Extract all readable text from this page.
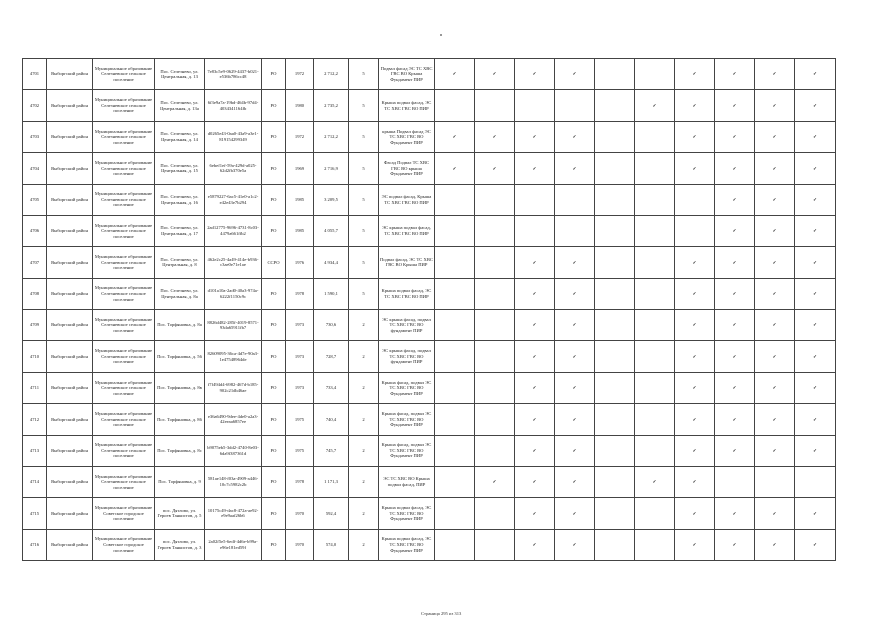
4701	Выборгский район	Муниципальное образование Селезневское сельское поселение	Пос. Селезнево, ул. Центральная, д. 13	7e83c5e9-0629-4437-b021-e536b786cc48	РО	1972	2 712,2	5	Подвал фасад ЭС ТС ХВС ГВС ВО Крыша Фундамент ПИР	✓	✓	✓	✓			✓	✓	✓	✓
4702	Выборгский район	Муниципальное образование Селезневское сельское поселение	Пос. Селезнево, ул. Центральная, д. 13а	6f3e9a7a-19bd-464b-97d4-4034341164fb	РО	1980	2 735,2	5	Крыша подвал фасад, ЭС ТС ХВС ГВС ВО ПИР						✓	✓	✓	✓	✓
4703	Выборгский район	Муниципальное образование Селезневское сельское поселение	Пос. Селезнево, ул. Центральная, д. 14	d0265e43-0aa0-43a9-a3e1-819154299349	РО	1972	2 712,2	5	крыша Подвал фасад ЭС ТС ХВС ГВС ВО Фундамент ПИР	✓	✓	✓	✓			✓	✓	✓	✓
4704	Выборгский район	Муниципальное образование Селезневское сельское поселение	Пос. Селезнево, ул. Центральная, д. 15	6ebef1ef-59a-429d-a025-62d2fb370e5a	РО	1969	2 716,9	5	Фасад Подвал ТС ХВС ГВС ВО крыша Фундамент ПИР	✓	✓	✓	✓			✓	✓	✓	✓
4705	Выборгский район	Муниципальное образование Селезневское сельское поселение	Пос. Селезнево, ул. Центральная, д. 16	e5879227-6ac5-41e0-a1c2-e42e43e7b294	РО	1985	3 209,5	5	ЭС подвал фасад, Крыша ТС ХВС ГВС ВО ПИР								✓	✓	✓
4706	Выборгский район	Муниципальное образование Селезневское сельское поселение	Пос. Селезнево, ул. Центральная, д. 17	2ad12775-9696-4731-8c03-4479a661ffb2	РО	1985	4 055,7	5	ЭС крыша подвал фасад, ТС ХВС ГВС ВО ПИР								✓	✓	✓
4707	Выборгский район	Муниципальное образование Селезневское сельское поселение	Пос. Селезнево, ул. Центральная, д. 8	462e2c25-4a49-414e-b936-c3ae0e71e1ae	ССРО	1976	4 934,4	5	Подвал фасад, ЭС ТС ХВС ГВС ВО Крыша ПИР			✓	✓			✓	✓	✓	✓
4708	Выборгский район	Муниципальное образование Селезневское сельское поселение	Пос. Селезнево, ул. Центральная, д. 8а	d101a10a-2ad0-40a3-974a-6222f1150c9c	РО	1978	1 590,1	5	Крыша подвал фасад, ЭС ТС ХВС ГВС ВО ПИР			✓	✓			✓	✓	✓	✓
4709	Выборгский район	Муниципальное образование Селезневское сельское поселение	Пос. Торфяновка, д. 8а	8826d482-285f-4019-8571-93da65911fb7	РО	1973	730,6	2	ЭС крыша фасад, подвал ТС ХВС ГВС ВО фундамент ПИР			✓	✓			✓	✓	✓	✓
4710	Выборгский район	Муниципальное образование Селезневское сельское поселение	Пос. Торфяновка, д. 56	82609095-36ca-4d7e-90a3-1e47548964de	РО	1973	728,7	2	ЭС крыша фасад, подвал ТС ХВС ГВС ВО фундамент ПИР			✓	✓			✓	✓	✓	✓
4711	Выборгский район	Муниципальное образование Селезневское сельское поселение	Пос. Торфяновка, д. 8в	f7f494d4-6982-467d-b185-902c21db46ae	РО	1973	733,4	2	Крыша фасад, подвал ЭС ТС ХВС ГВС ВО Фундамент ПИР			✓	✓			✓	✓	✓	✓
4712	Выборгский район	Муниципальное образование Селезневское сельское поселение	Пос. Торфяновка, д. 86	e36a6490-9dee-4de0-a2a3-42eeaa6857ee	РО	1975	740,4	2	Крыша фасад, подвал ЭС ТС ХВС ГВС ВО Фундамент ПИР			✓	✓			✓	✓	✓	✓
4713	Выборгский район	Муниципальное образование Селезневское сельское поселение	Пос. Торфяновка, д. 8с	b9075eb5-3dd2-4740-8e03-6da9f387361d	РО	1975	745,7	2	Крыша фасад, подвал ЭС ТС ХВС ГВС ВО Фундамент ПИР			✓	✓			✓	✓	✓	✓
4714	Выборгский район	Муниципальное образование Селезневское сельское поселение	Пос. Торфяновка, д. 9	581ae148-f03a-4909-a446-10c7c5982c2b	РО	1978	1 171,3	2	ЭС ТС ХВС ВО Крыша подвал фасад, ПИР		✓	✓	✓		✓	✓			
4715	Выборгский район	Муниципальное образование Советское городское поселение	пос. Дятлово, ул. Героев Танкистов, д. 5	10175c49-dac8-472a-ae92-e9e9aaf26b6	РО	1970	592,4	2	Крыша подвал фасад, ЭС ТС ХВС ГВС ВО Фундамент ПИР			✓	✓			✓	✓	✓	✓
4716	Выборгский район	Муниципальное образование Советское городское поселение	пос. Дятлово, ул. Героев Танкистов, д. 3	2a02f5e5-6edf-4d6e-b99a-e96e181ed59f	РО	1970	574,0	2	Крыша подвал фасад, ЭС ТС ХВС ГВС ВО Фундамент ПИР			✓	✓			✓	✓	✓	✓
Страница 295 из 313
